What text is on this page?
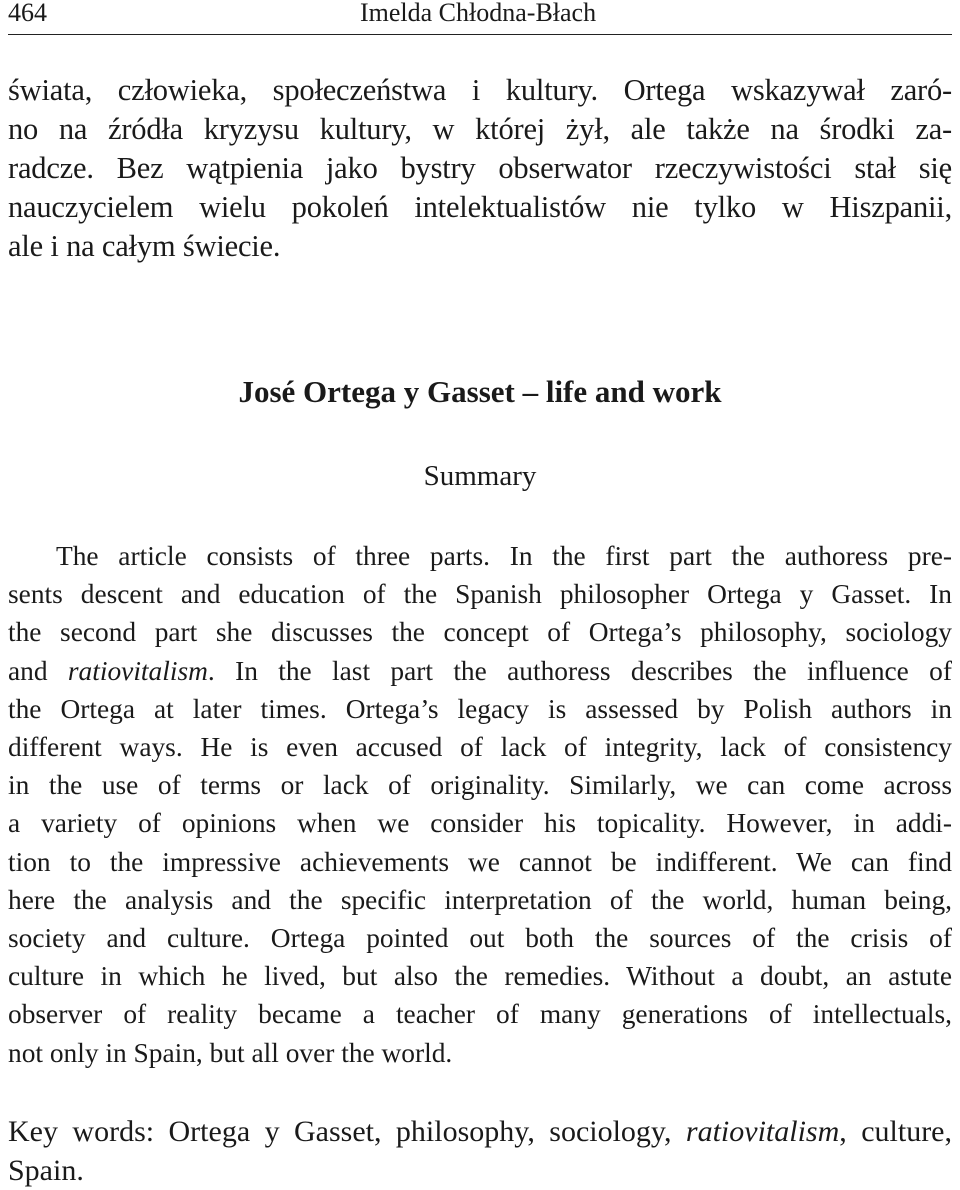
464	Imelda Chłodna-Błach
świata, człowieka, społeczeństwa i kultury. Ortega wskazywał zaró-
no na źródła kryzysu kultury, w której żył, ale także na środki za-
radcze. Bez wątpienia jako bystry obserwator rzeczywistości stał się
nauczycielem wielu pokoleń intelektualistów nie tylko w Hiszpanii,
ale i na całym świecie.
José Ortega y Gasset – life and work
Summary
The article consists of three parts. In the first part the authoress pre-
sents descent and education of the Spanish philosopher Ortega y Gasset. In
the second part she discusses the concept of Ortega’s philosophy, sociology
and ratiovitalism. In the last part the authoress describes the influence of
the Ortega at later times. Ortega’s legacy is assessed by Polish authors in
different ways. He is even accused of lack of integrity, lack of consistency
in the use of terms or lack of originality. Similarly, we can come across
a variety of opinions when we consider his topicality. However, in addi-
tion to the impressive achievements we cannot be indifferent. We can find
here the analysis and the specific interpretation of the world, human being,
society and culture. Ortega pointed out both the sources of the crisis of
culture in which he lived, but also the remedies. Without a doubt, an astute
observer of reality became a teacher of many generations of intellectuals,
not only in Spain, but all over the world.
Key words: Ortega y Gasset, philosophy, sociology, ratiovitalism, culture,
Spain.
